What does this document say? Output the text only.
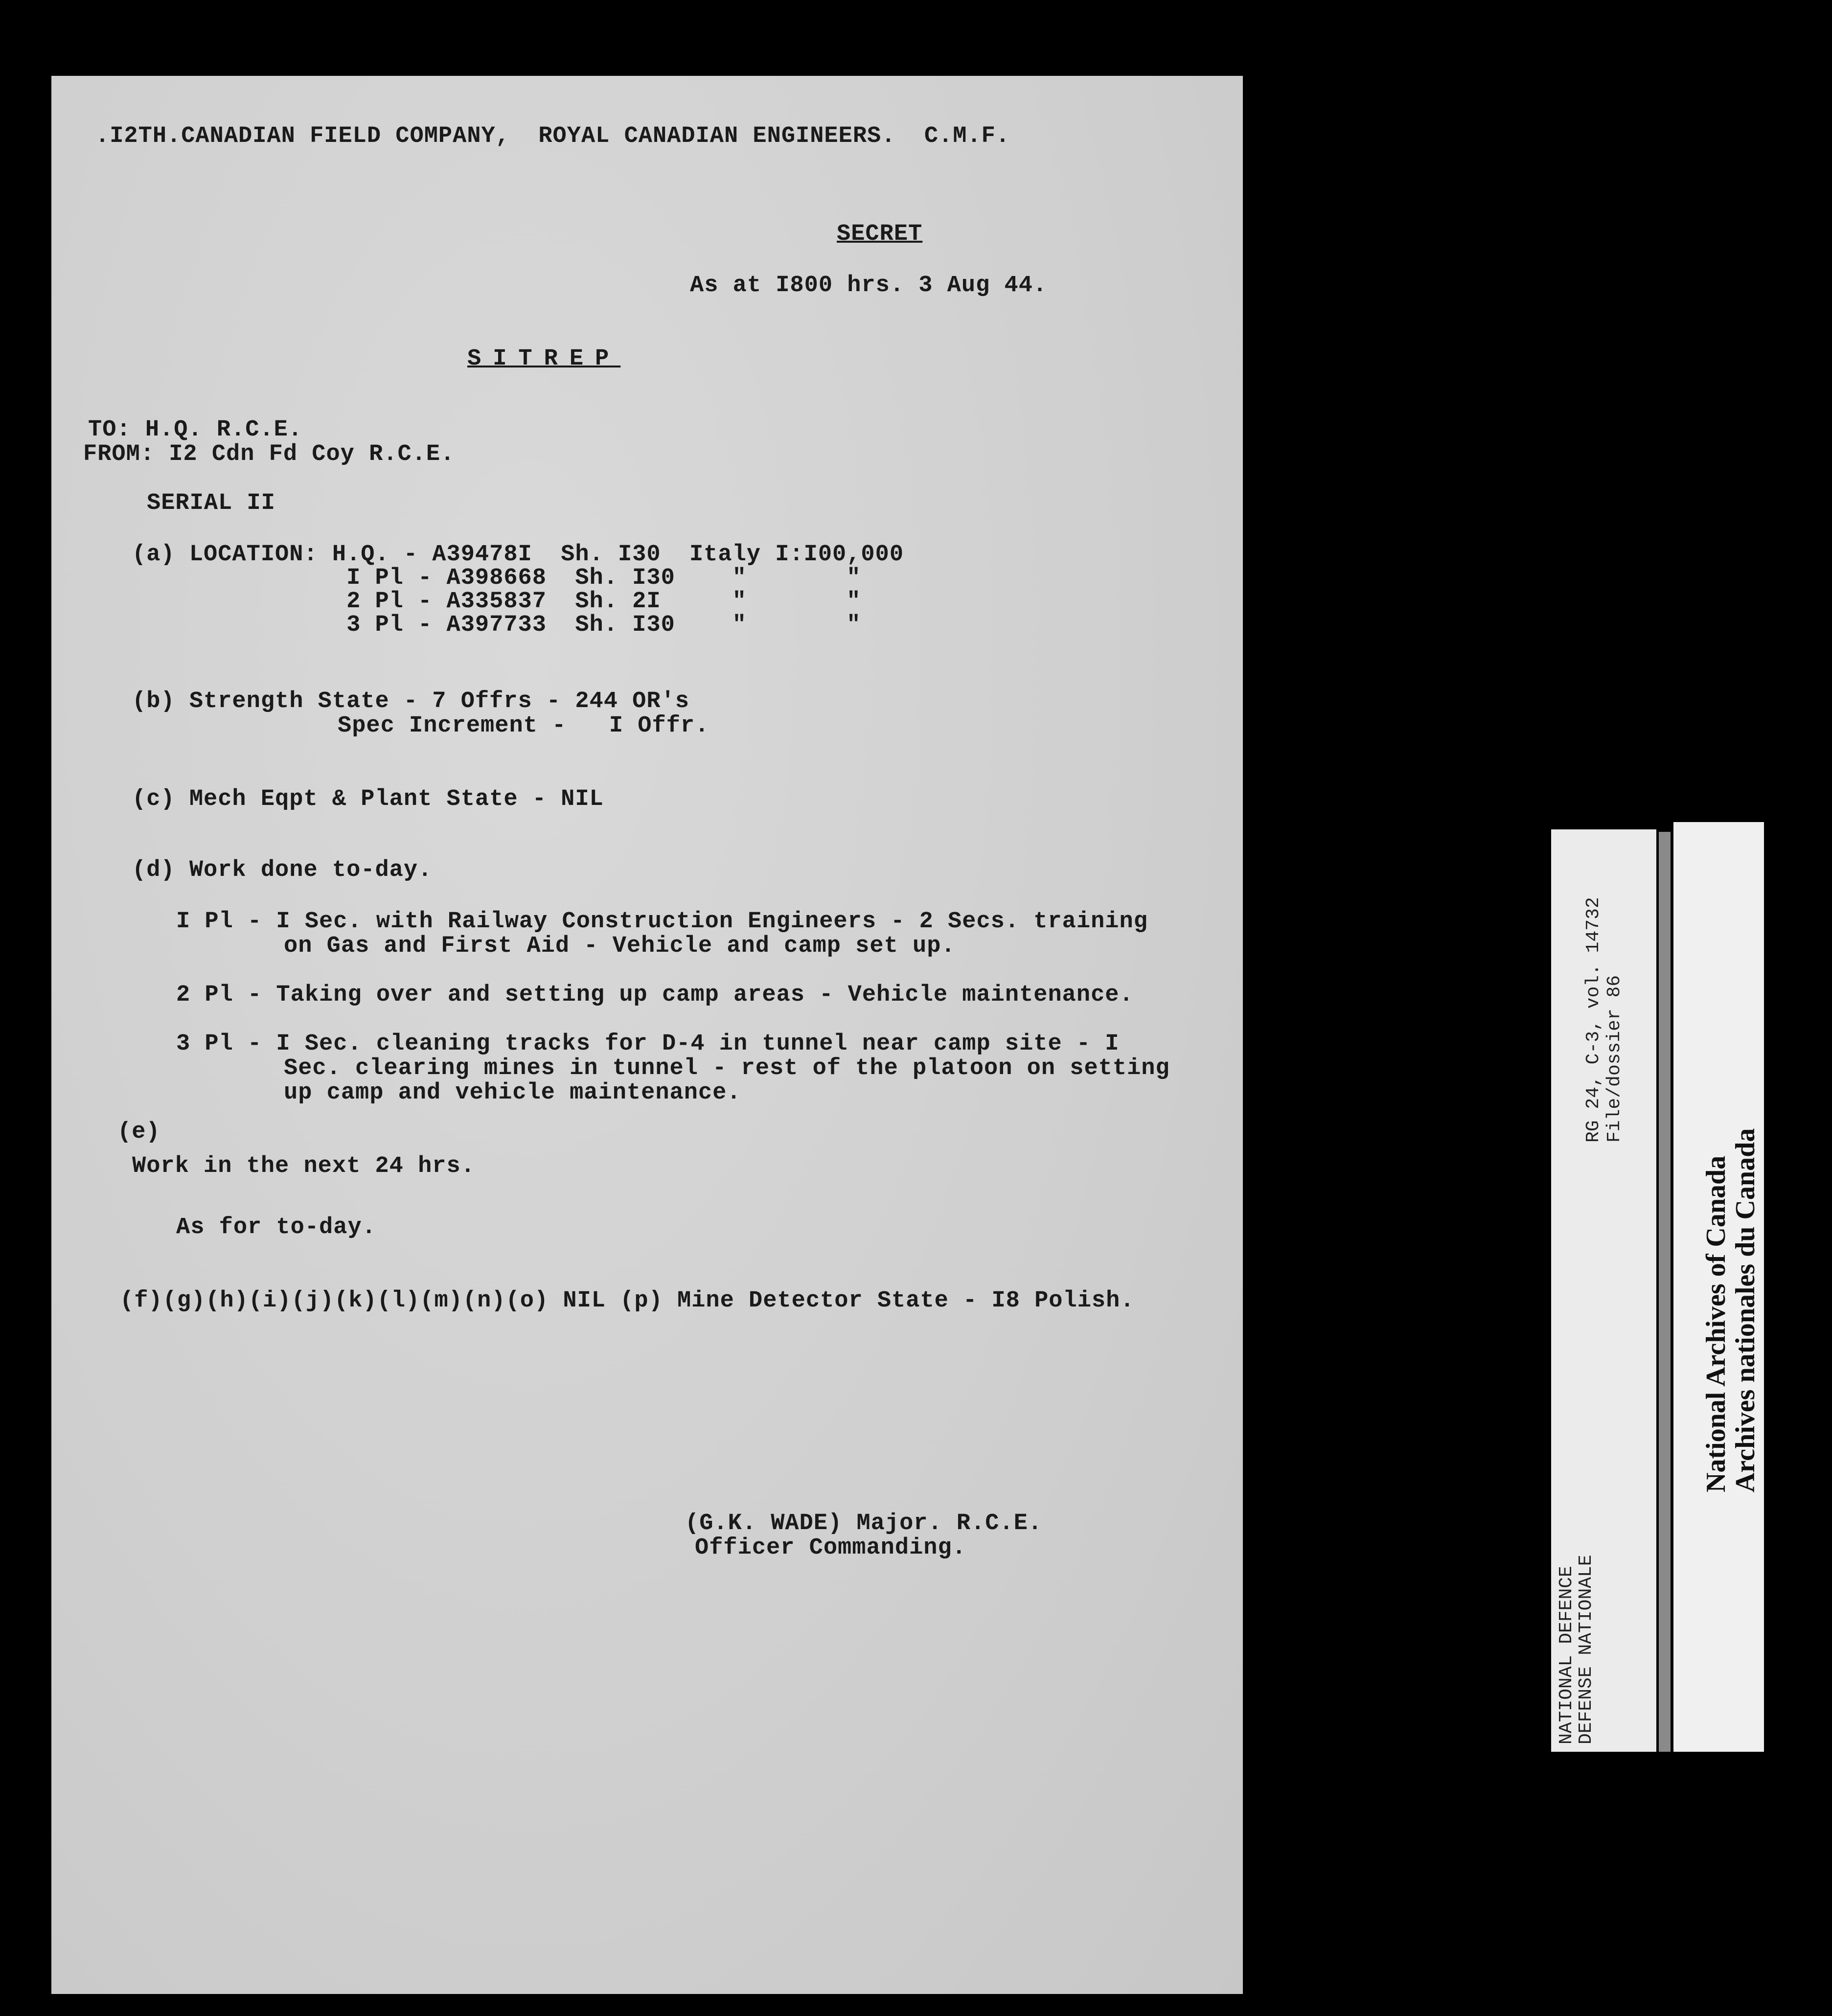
.I2TH.CANADIAN FIELD COMPANY,  ROYAL CANADIAN ENGINEERS.  C.M.F.
SECRET
As at I800 hrs. 3 Aug 44.
SITREP
TO: H.Q. R.C.E.
FROM: I2 Cdn Fd Coy R.C.E.
SERIAL II
(a) LOCATION: H.Q. - A39478I  Sh. I30  Italy I:I00,000
I Pl - A398668  Sh. I30    "       "
2 Pl - A335837  Sh. 2I     "       "
3 Pl - A397733  Sh. I30    "       "
(b) Strength State - 7 Offrs - 244 OR's
Spec Increment -   I Offr.
(c) Mech Eqpt & Plant State - NIL
(d) Work done to-day.
I Pl - I Sec. with Railway Construction Engineers - 2 Secs. training
on Gas and First Aid - Vehicle and camp set up.
2 Pl - Taking over and setting up camp areas - Vehicle maintenance.
3 Pl - I Sec. cleaning tracks for D-4 in tunnel near camp site - I
Sec. clearing mines in tunnel - rest of the platoon on setting
up camp and vehicle maintenance.
(e)
Work in the next 24 hrs.
As for to-day.
(f)(g)(h)(i)(j)(k)(l)(m)(n)(o) NIL (p) Mine Detector State - I8 Polish.
(G.K. WADE) Major. R.C.E.
Officer Commanding.
RG 24, C-3, vol. 14732 File/dossier 86
NATIONAL DEFENCE
DEFENSE NATIONALE
National Archives of Canada
Archives nationales du Canada
